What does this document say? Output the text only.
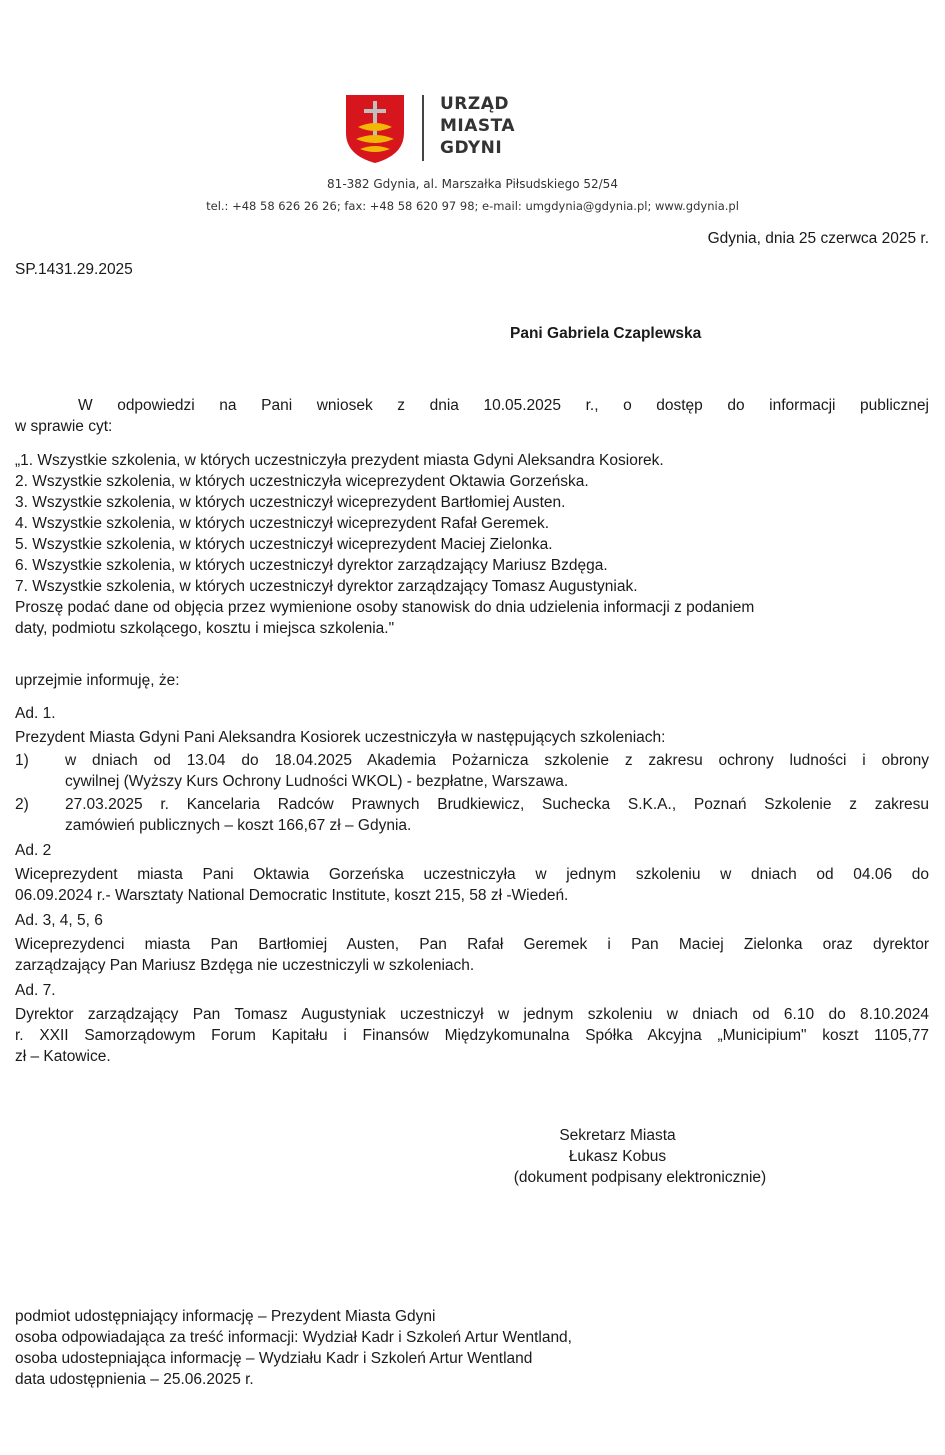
URZĄD
MIASTA
GDYNI
81-382 Gdynia, al. Marszałka Piłsudskiego 52/54
tel.: +48 58 626 26 26; fax: +48 58 620 97 98; e-mail: umgdynia@gdynia.pl; www.gdynia.pl
Gdynia, dnia 25 czerwca 2025 r.
SP.1431.29.2025
Pani Gabriela Czaplewska
W odpowiedzi na Pani wniosek z dnia 10.05.2025 r., o dostęp do informacji publicznej
w sprawie cyt:
„1. Wszystkie szkolenia, w których uczestniczyła prezydent miasta Gdyni Aleksandra Kosiorek.
2. Wszystkie szkolenia, w których uczestniczyła wiceprezydent Oktawia Gorzeńska.
3. Wszystkie szkolenia, w których uczestniczył wiceprezydent Bartłomiej Austen.
4. Wszystkie szkolenia, w których uczestniczył wiceprezydent Rafał Geremek.
5. Wszystkie szkolenia, w których uczestniczył wiceprezydent Maciej Zielonka.
6. Wszystkie szkolenia, w których uczestniczył dyrektor zarządzający Mariusz Bzdęga.
7. Wszystkie szkolenia, w których uczestniczył dyrektor zarządzający Tomasz Augustyniak.
Proszę podać dane od objęcia przez wymienione osoby stanowisk do dnia udzielenia informacji z podaniem
daty, podmiotu szkolącego, kosztu i miejsca szkolenia."
uprzejmie informuję, że:
Ad. 1.
Prezydent Miasta Gdyni Pani Aleksandra Kosiorek uczestniczyła w następujących szkoleniach:
1)	w dniach od 13.04 do 18.04.2025 Akademia Pożarnicza szkolenie z zakresu ochrony ludności i obrony
cywilnej (Wyższy Kurs Ochrony Ludności WKOL) - bezpłatne, Warszawa.
2)	27.03.2025 r. Kancelaria Radców Prawnych Brudkiewicz, Suchecka S.K.A., Poznań Szkolenie z zakresu
zamówień publicznych – koszt 166,67 zł – Gdynia.
Ad. 2
Wiceprezydent miasta Pani Oktawia Gorzeńska uczestniczyła w jednym szkoleniu w dniach od 04.06 do
06.09.2024 r.- Warsztaty National Democratic Institute, koszt 215, 58 zł -Wiedeń.
Ad. 3, 4, 5, 6
Wiceprezydenci miasta Pan Bartłomiej Austen, Pan Rafał Geremek i Pan Maciej Zielonka oraz dyrektor
zarządzający Pan Mariusz Bzdęga nie uczestniczyli w szkoleniach.
Ad. 7.
Dyrektor zarządzający Pan Tomasz Augustyniak uczestniczył w jednym szkoleniu w dniach od 6.10 do 8.10.2024
r. XXII Samorządowym Forum Kapitału i Finansów Międzykomunalna Spółka Akcyjna „Municipium" koszt 1105,77
zł – Katowice.
Sekretarz Miasta
Łukasz Kobus
(dokument podpisany elektronicznie)
podmiot udostępniający informację – Prezydent Miasta Gdyni
osoba odpowiadająca za treść informacji: Wydział Kadr i Szkoleń Artur Wentland,
osoba udostepniająca informację – Wydziału Kadr i Szkoleń Artur Wentland
data udostępnienia – 25.06.2025 r.
